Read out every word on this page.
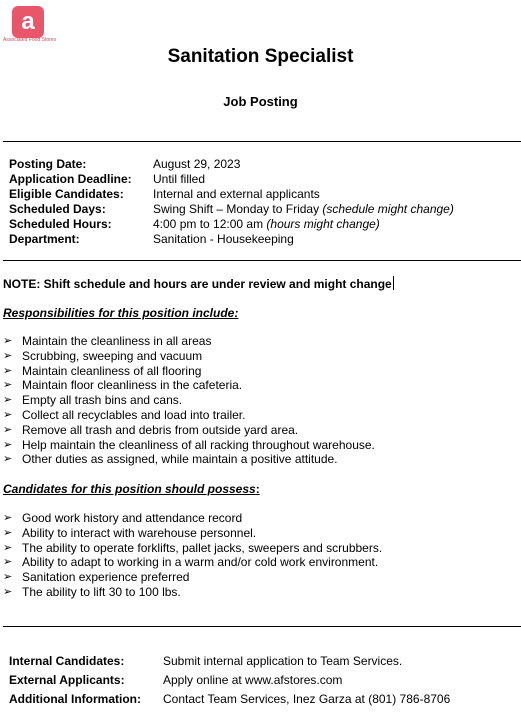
a
Associated Food Stores
Sanitation Specialist
Job Posting
Posting Date:	August 29, 2023
Application Deadline:	Until filled
Eligible Candidates:	Internal and external applicants
Scheduled Days:	Swing Shift – Monday to Friday (schedule might change)
Scheduled Hours:	4:00 pm to 12:00 am (hours might change)
Department:	Sanitation - Housekeeping
NOTE: Shift schedule and hours are under review and might change
Responsibilities for this position include:
➢ Maintain the cleanliness in all areas
➢ Scrubbing, sweeping and vacuum
➢ Maintain cleanliness of all flooring
➢ Maintain floor cleanliness in the cafeteria.
➢ Empty all trash bins and cans.
➢ Collect all recyclables and load into trailer.
➢ Remove all trash and debris from outside yard area.
➢ Help maintain the cleanliness of all racking throughout warehouse.
➢ Other duties as assigned, while maintain a positive attitude.
Candidates for this position should possess:
➢ Good work history and attendance record
➢ Ability to interact with warehouse personnel.
➢ The ability to operate forklifts, pallet jacks, sweepers and scrubbers.
➢ Ability to adapt to working in a warm and/or cold work environment.
➢ Sanitation experience preferred
➢ The ability to lift 30 to 100 lbs.
Internal Candidates:	Submit internal application to Team Services.
External Applicants:	Apply online at www.afstores.com
Additional Information:	Contact Team Services, Inez Garza at (801) 786-8706
